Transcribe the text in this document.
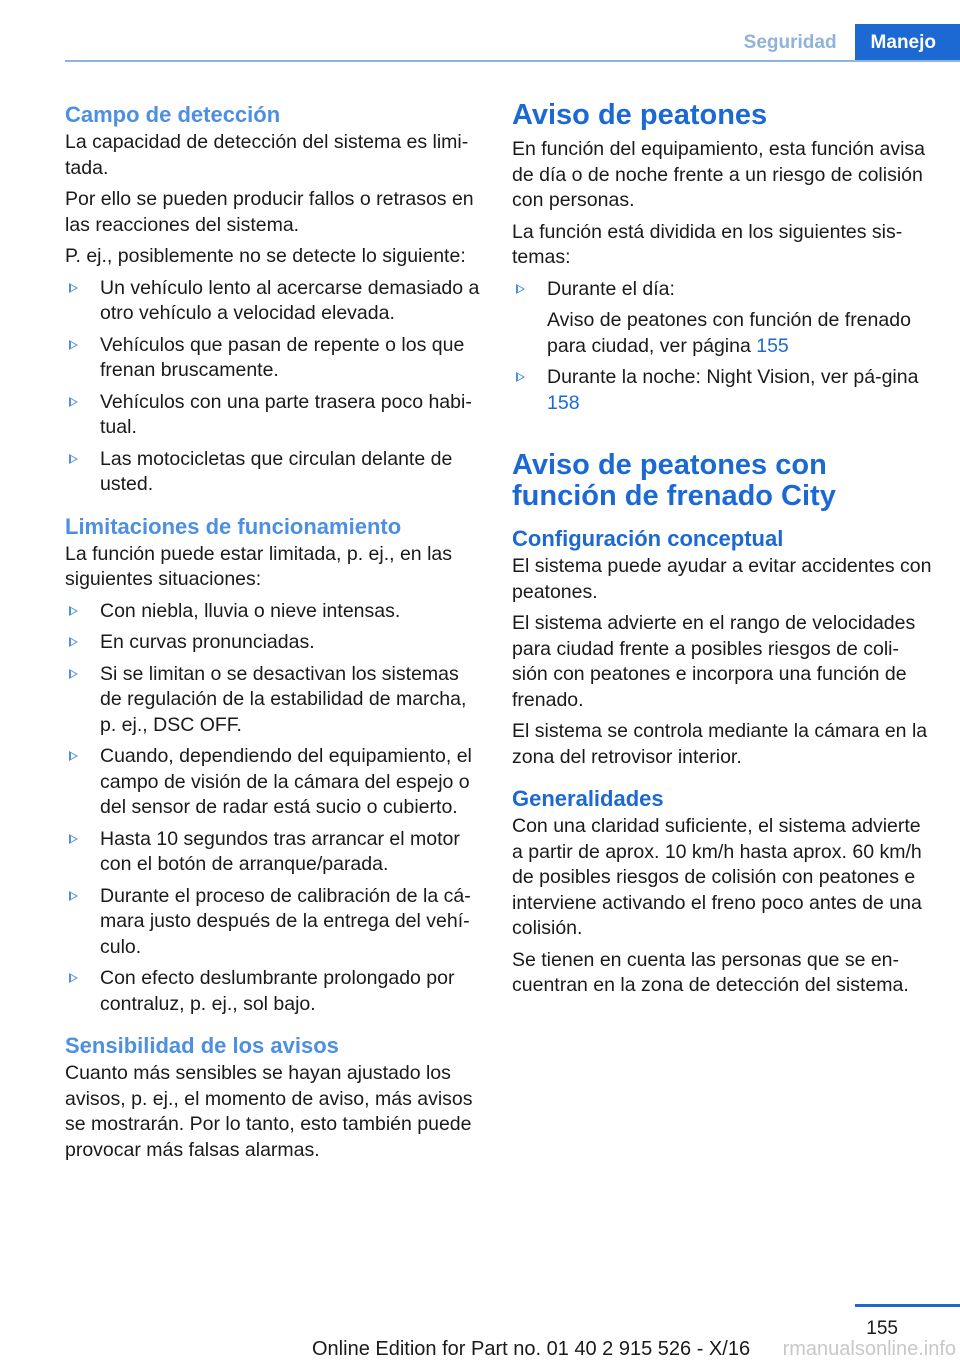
Seguridad	Manejo
Campo de detección

La capacidad de detección del sistema es limi‐tada.

Por ello se pueden producir fallos o retrasos en las reacciones del sistema.

P. ej., posiblemente no se detecte lo siguiente:

Un vehículo lento al acercarse demasiado a otro vehículo a velocidad elevada.
Vehículos que pasan de repente o los que frenan bruscamente.
Vehículos con una parte trasera poco habi‐tual.
Las motocicletas que circulan delante de usted.
Limitaciones de funcionamiento

La función puede estar limitada, p. ej., en las siguientes situaciones:

Con niebla, lluvia o nieve intensas.
En curvas pronunciadas.
Si se limitan o se desactivan los sistemas de regulación de la estabilidad de marcha, p. ej., DSC OFF.
Cuando, dependiendo del equipamiento, el campo de visión de la cámara del espejo o del sensor de radar está sucio o cubierto.
Hasta 10 segundos tras arrancar el motor con el botón de arranque/parada.
Durante el proceso de calibración de la cá‐mara justo después de la entrega del vehí‐culo.
Con efecto deslumbrante prolongado por contraluz, p. ej., sol bajo.
Sensibilidad de los avisos

Cuanto más sensibles se hayan ajustado los avisos, p. ej., el momento de aviso, más avisos se mostrarán. Por lo tanto, esto también puede provocar más falsas alarmas.

Aviso de peatones

En función del equipamiento, esta función avisa de día o de noche frente a un riesgo de colisión con personas.

La función está dividida en los siguientes sis‐temas:

Durante el día:
Aviso de peatones con función de frenado para ciudad, ver página 155
Durante la noche: Night Vision, ver pá‐gina 158
Aviso de peatones con función de frenado City
Configuración conceptual

El sistema puede ayudar a evitar accidentes con peatones.

El sistema advierte en el rango de velocidades para ciudad frente a posibles riesgos de coli‐sión con peatones e incorpora una función de frenado.

El sistema se controla mediante la cámara en la zona del retrovisor interior.

Generalidades

Con una claridad suficiente, el sistema advierte a partir de aprox. 10 km/h hasta aprox. 60 km/h de posibles riesgos de colisión con peatones e interviene activando el freno poco antes de una colisión.

Se tienen en cuenta las personas que se en‐cuentran en la zona de detección del sistema.

155
Online Edition for Part no. 01 40 2 915 526 - X/16 rmanualsonline.info
